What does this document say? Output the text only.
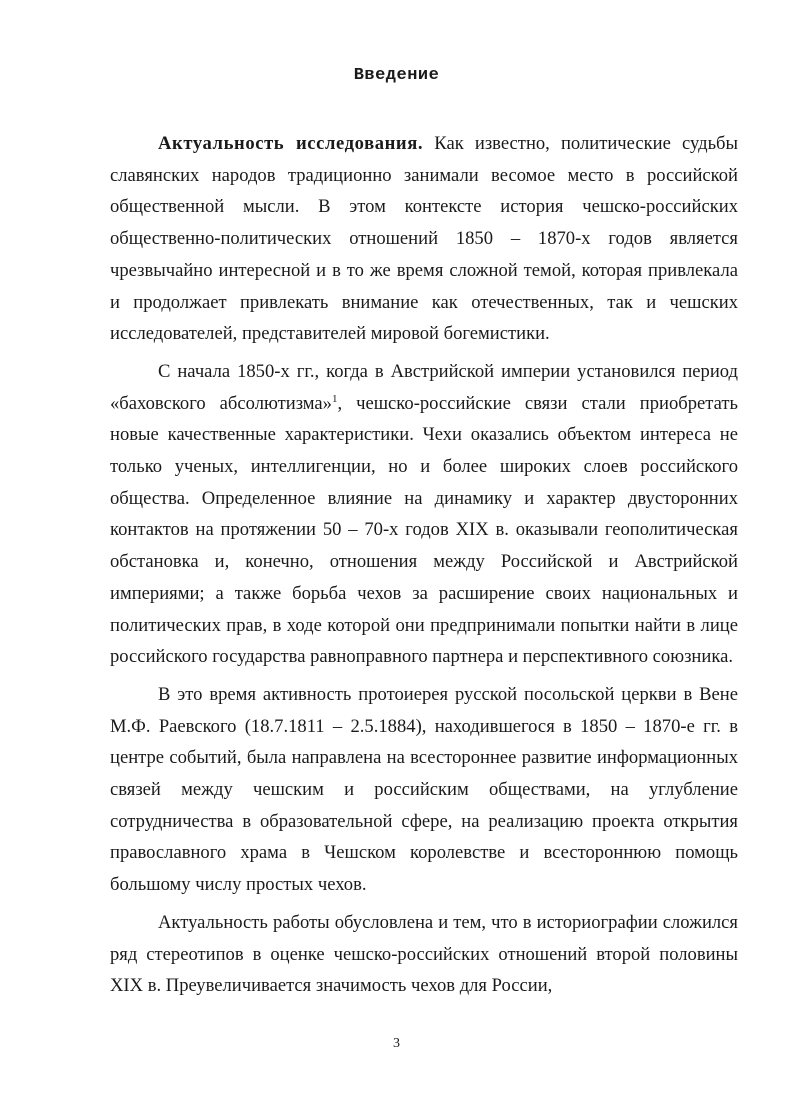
Введение

Актуальность исследования. Как известно, политические судьбы славянских народов традиционно занимали весомое место в российской общественной мысли. В этом контексте история чешско-российских общественно-политических отношений 1850 – 1870-х годов является чрезвычайно интересной и в то же время сложной темой, которая привлекала и продолжает привлекать внимание как отечественных, так и чешских исследователей, представителей мировой богемистики.

С начала 1850-х гг., когда в Австрийской империи установился период «баховского абсолютизма»$^1$, чешско-российские связи стали приобретать новые качественные характеристики. Чехи оказались объектом интереса не только ученых, интеллигенции, но и более широких слоев российского общества. Определенное влияние на динамику и характер двусторонних контактов на протяжении 50 – 70-х годов XIX в. оказывали геополитическая обстановка и, конечно, отношения между Российской и Австрийской империями; а также борьба чехов за расширение своих национальных и политических прав, в ходе которой они предпринимали попытки найти в лице российского государства равноправного партнера и перспективного союзника.

В это время активность протоиерея русской посольской церкви в Вене М.Ф. Раевского (18.7.1811 – 2.5.1884), находившегося в 1850 – 1870-е гг. в центре событий, была направлена на всестороннее развитие информационных связей между чешским и российским обществами, на углубление сотрудничества в образовательной сфере, на реализацию проекта открытия православного храма в Чешском королевстве и всестороннюю помощь большому числу простых чехов.

Актуальность работы обусловлена и тем, что в историографии сложился ряд стереотипов в оценке чешско-российских отношений второй половины XIX в. Преувеличивается значимость чехов для России,

3
